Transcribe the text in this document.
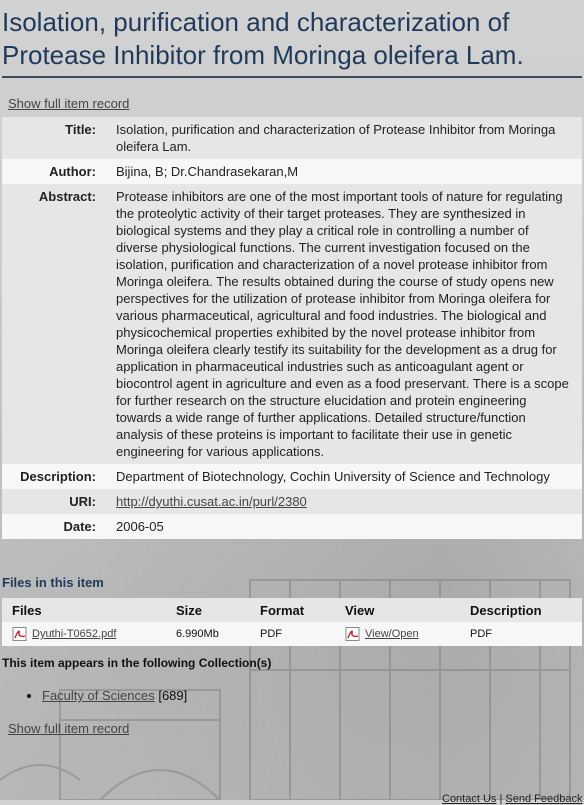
Isolation, purification and characterization of Protease Inhibitor from Moringa oleifera Lam.
Show full item record
Title:	Isolation, purification and characterization of Protease Inhibitor from Moringa oleifera Lam.
Author:	Bijina, B; Dr.Chandrasekaran,M
Abstract:	Protease inhibitors are one of the most important tools of nature for regulating the proteolytic activity of their target proteases. They are synthesized in biological systems and they play a critical role in controlling a number of diverse physiological functions. The current investigation focused on the isolation, purification and characterization of a novel protease inhibitor from Moringa oleifera. The results obtained during the course of study opens new perspectives for the utilization of protease inhibitor from Moringa oleifera for various pharmaceutical, agricultural and food industries. The biological and physicochemical properties exhibited by the novel protease inhibitor from Moringa oleifera clearly testify its suitability for the development as a drug for application in pharmaceutical industries such as anticoagulant agent or biocontrol agent in agriculture and even as a food preservant. There is a scope for further research on the structure elucidation and protein engineering towards a wide range of further applications. Detailed structure/function analysis of these proteins is important to facilitate their use in genetic engineering for various applications.
Description:	Department of Biotechnology, Cochin University of Science and Technology
URI:	http://dyuthi.cusat.ac.in/purl/2380
Date:	2006-05
Files in this item
Files	Size	Format	View	Description
Dyuthi-T0652.pdf	6.990Mb	PDF	View/Open	PDF
This item appears in the following Collection(s)
• Faculty of Sciences [689]
Show full item record
Contact Us | Send Feedback
